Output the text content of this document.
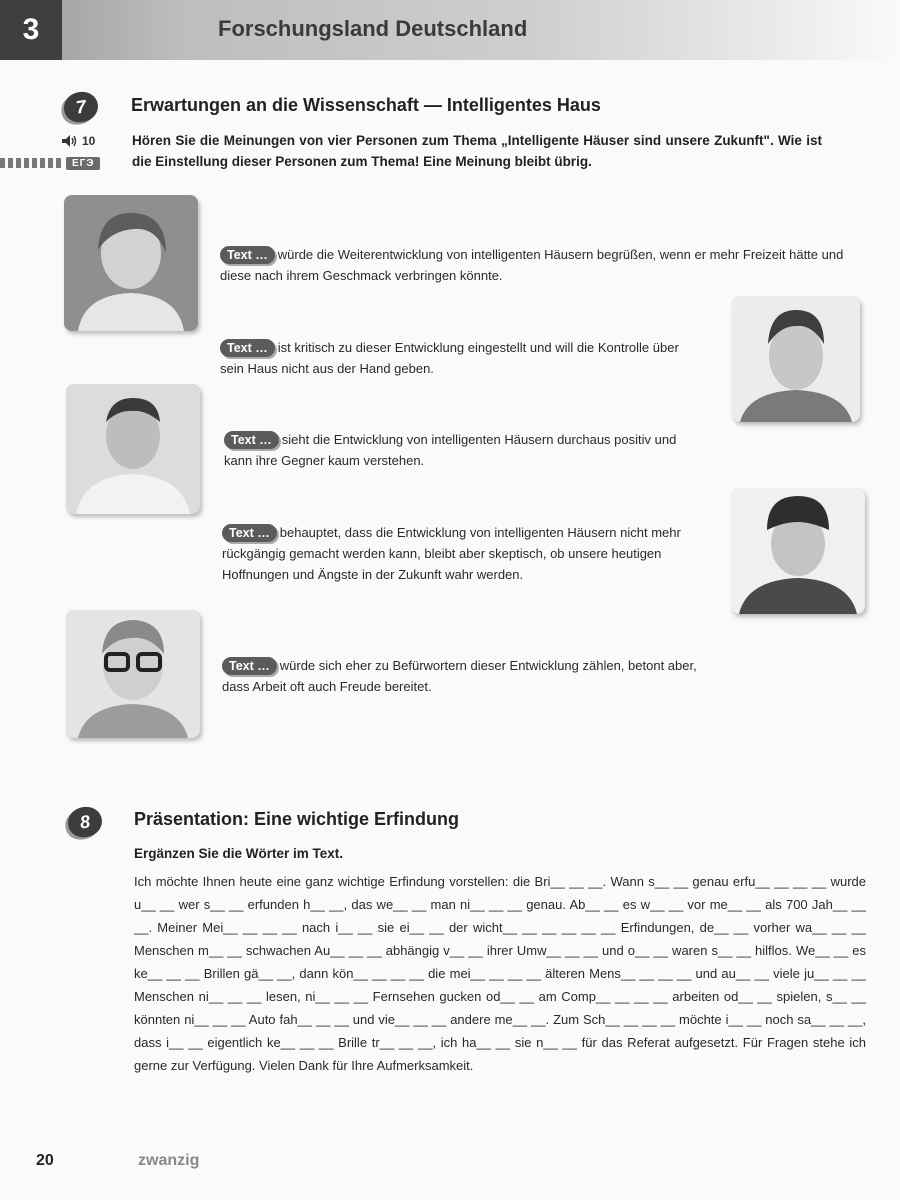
3	Forschungsland Deutschland
7	Erwartungen an die Wissenschaft — Intelligentes Haus
10
ЕГЭ
Hören Sie die Meinungen von vier Personen zum Thema „Intelligente Häuser sind unsere Zukunft". Wie ist die Einstellung dieser Personen zum Thema! Eine Meinung bleibt übrig.
Text … würde die Weiterentwicklung von intelligenten Häusern begrüßen, wenn er mehr Freizeit hätte und diese nach ihrem Geschmack verbringen könnte.
Text … ist kritisch zu dieser Entwicklung eingestellt und will die Kontrolle über sein Haus nicht aus der Hand geben.
Text … sieht die Entwicklung von intelligenten Häusern durchaus positiv und kann ihre Gegner kaum verstehen.
Text … behauptet, dass die Entwicklung von intelligenten Häusern nicht mehr rückgängig gemacht werden kann, bleibt aber skeptisch, ob unsere heutigen Hoffnungen und Ängste in der Zukunft wahr werden.
Text … würde sich eher zu Befürwortern dieser Entwicklung zählen, betont aber, dass Arbeit oft auch Freude bereitet.
8	Präsentation: Eine wichtige Erfindung
Ergänzen Sie die Wörter im Text.
Ich möchte Ihnen heute eine ganz wichtige Erfindung vorstellen: die Bri__ __ __. Wann s__ __ genau erfu__ __ __ __ wurde u__ __ wer s__ __ erfunden h__ __, das we__ __ man ni__ __ __ genau. Ab__ __ es w__ __ vor me__ __ als 700 Jah__ __ __. Meiner Mei__ __ __ __ nach i__ __ sie ei__ __ der wicht__ __ __ __ __ __ Erfindungen, de__ __ vorher wa__ __ __ Menschen m__ __ schwachen Au__ __ __ abhängig v__ __ ihrer Umw__ __ __ und o__ __ waren s__ __ hilflos. We__ __ es ke__ __ __ Brillen gä__ __, dann kön__ __ __ __ die mei__ __ __ __ älteren Mens__ __ __ __ und au__ __ viele ju__ __ __ Menschen ni__ __ __ lesen, ni__ __ __ Fernsehen gucken od__ __ am Comp__ __ __ __ arbeiten od__ __ spielen, s__ __ könnten ni__ __ __ Auto fah__ __ __ und vie__ __ __ andere me__ __. Zum Sch__ __ __ __ möchte i__ __ noch sa__ __ __, dass i__ __ eigentlich ke__ __ __ Brille tr__ __ __, ich ha__ __ sie n__ __ für das Referat aufgesetzt. Für Fragen stehe ich gerne zur Verfügung. Vielen Dank für Ihre Aufmerksamkeit.
20	zwanzig
